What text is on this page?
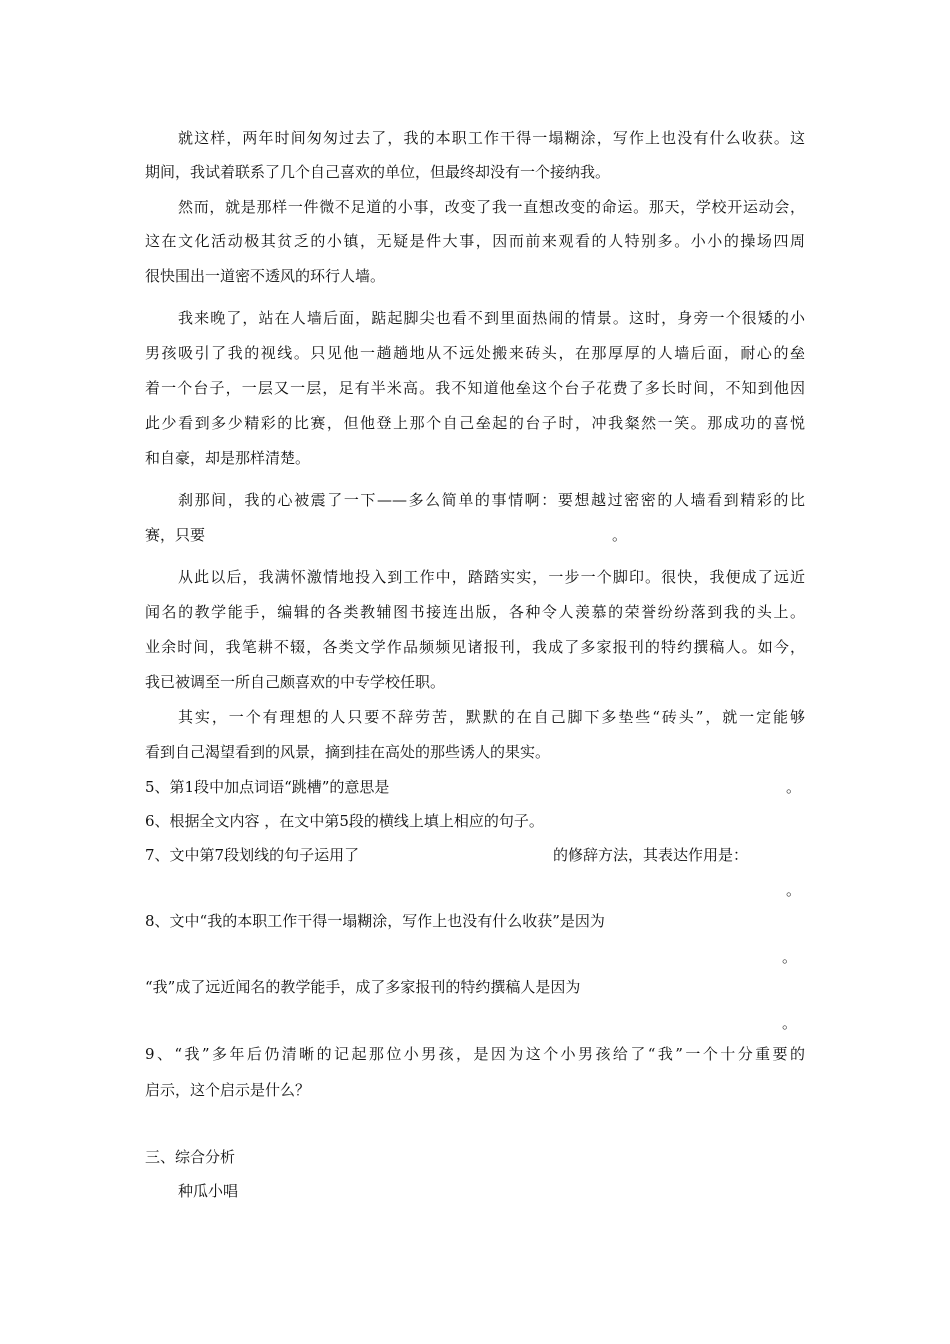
就这样，两年时间匆匆过去了，我的本职工作干得一塌糊涂，写作上也没有什么收获。这
期间，我试着联系了几个自己喜欢的单位，但最终却没有一个接纳我。
然而，就是那样一件微不足道的小事，改变了我一直想改变的命运。那天，学校开运动会，
这在文化活动极其贫乏的小镇，无疑是件大事，因而前来观看的人特别多。小小的操场四周
很快围出一道密不透风的环行人墙。
我来晚了，站在人墙后面，踮起脚尖也看不到里面热闹的情景。这时，身旁一个很矮的小
男孩吸引了我的视线。只见他一趟趟地从不远处搬来砖头，在那厚厚的人墙后面，耐心的垒
着一个台子，一层又一层，足有半米高。我不知道他垒这个台子花费了多长时间，不知到他因
此少看到多少精彩的比赛，但他登上那个自己垒起的台子时，冲我粲然一笑。那成功的喜悦
和自豪，却是那样清楚。
刹那间，我的心被震了一下——多么简单的事情啊：要想越过密密的人墙看到精彩的比
赛，只要	。
从此以后，我满怀激情地投入到工作中，踏踏实实，一步一个脚印。很快，我便成了远近
闻名的教学能手，编辑的各类教辅图书接连出版，各种令人羡慕的荣誉纷纷落到我的头上。
业余时间，我笔耕不辍，各类文学作品频频见诸报刊，我成了多家报刊的特约撰稿人。如今，
我已被调至一所自己颇喜欢的中专学校任职。
其实，一个有理想的人只要不辞劳苦，默默的在自己脚下多垫些“砖头”，就一定能够
看到自己渴望看到的风景，摘到挂在高处的那些诱人的果实。
5、第1段中加点词语“跳槽”的意思是	。
6、根据全文内容 ，在文中第5段的横线上填上相应的句子。
7、文中第7段划线的句子运用了	的修辞方法，其表达作用是：
。
8、文中“我的本职工作干得一塌糊涂，写作上也没有什么收获”是因为
。
“我”成了远近闻名的教学能手，成了多家报刊的特约撰稿人是因为
。
9、“我”多年后仍清晰的记起那位小男孩，是因为这个小男孩给了“我”一个十分重要的
启示，这个启示是什么？
三、综合分析
种瓜小唱
